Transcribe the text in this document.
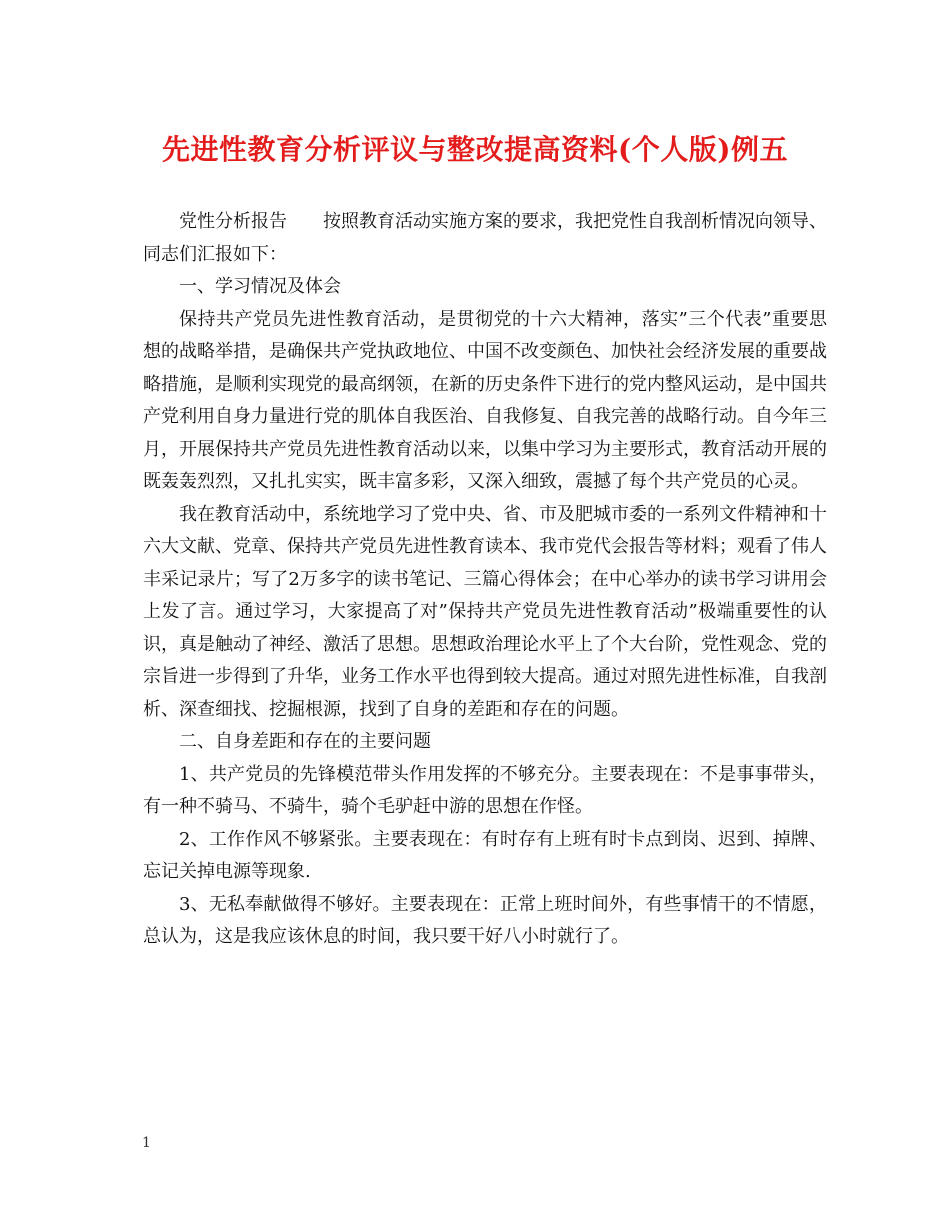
先进性教育分析评议与整改提高资料(个人版)例五

党性分析报告　　按照教育活动实施方案的要求，我把党性自我剖析情况向领导、同志们汇报如下：

一、学习情况及体会

保持共产党员先进性教育活动，是贯彻党的十六大精神，落实”三个代表”重要思想的战略举措，是确保共产党执政地位、中国不改变颜色、加快社会经济发展的重要战略措施，是顺利实现党的最高纲领，在新的历史条件下进行的党内整风运动，是中国共产党利用自身力量进行党的肌体自我医治、自我修复、自我完善的战略行动。自今年三月，开展保持共产党员先进性教育活动以来，以集中学习为主要形式，教育活动开展的既轰轰烈烈，又扎扎实实，既丰富多彩，又深入细致，震撼了每个共产党员的心灵。

我在教育活动中，系统地学习了党中央、省、市及肥城市委的一系列文件精神和十六大文献、党章、保持共产党员先进性教育读本、我市党代会报告等材料；观看了伟人丰采记录片；写了2万多字的读书笔记、三篇心得体会；在中心举办的读书学习讲用会上发了言。通过学习，大家提高了对”保持共产党员先进性教育活动”极端重要性的认识，真是触动了神经、激活了思想。思想政治理论水平上了个大台阶，党性观念、党的宗旨进一步得到了升华，业务工作水平也得到较大提高。通过对照先进性标准，自我剖析、深查细找、挖掘根源，找到了自身的差距和存在的问题。

二、自身差距和存在的主要问题

1、共产党员的先锋模范带头作用发挥的不够充分。主要表现在：不是事事带头，有一种不骑马、不骑牛，骑个毛驴赶中游的思想在作怪。

2、工作作风不够紧张。主要表现在：有时存有上班有时卡点到岗、迟到、掉牌、忘记关掉电源等现象.

3、无私奉献做得不够好。主要表现在：正常上班时间外，有些事情干的不情愿，总认为，这是我应该休息的时间，我只要干好八小时就行了。

1
